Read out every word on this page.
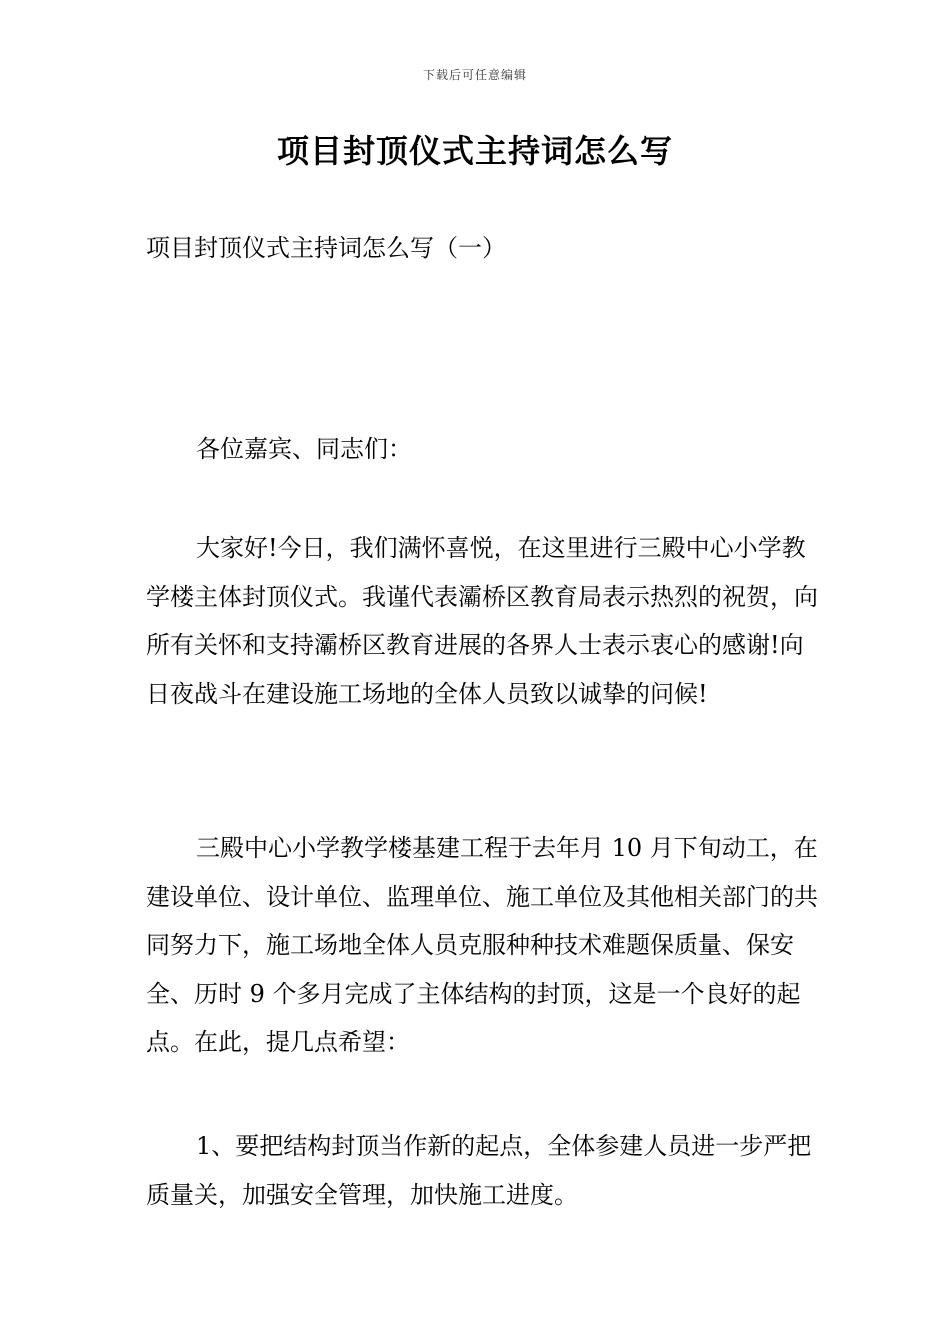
下载后可任意编辑
项目封顶仪式主持词怎么写
项目封顶仪式主持词怎么写（一）

各位嘉宾、同志们：

大家好!今日，我们满怀喜悦，在这里进行三殿中心小学教学楼主体封顶仪式。我谨代表灞桥区教育局表示热烈的祝贺，向所有关怀和支持灞桥区教育进展的各界人士表示衷心的感谢!向日夜战斗在建设施工场地的全体人员致以诚挚的问候!

三殿中心小学教学楼基建工程于去年月 10 月下旬动工，在建设单位、设计单位、监理单位、施工单位及其他相关部门的共同努力下，施工场地全体人员克服种种技术难题保质量、保安全、历时 9 个多月完成了主体结构的封顶，这是一个良好的起点。在此，提几点希望：

1、要把结构封顶当作新的起点，全体参建人员进一步严把质量关，加强安全管理，加快施工进度。
